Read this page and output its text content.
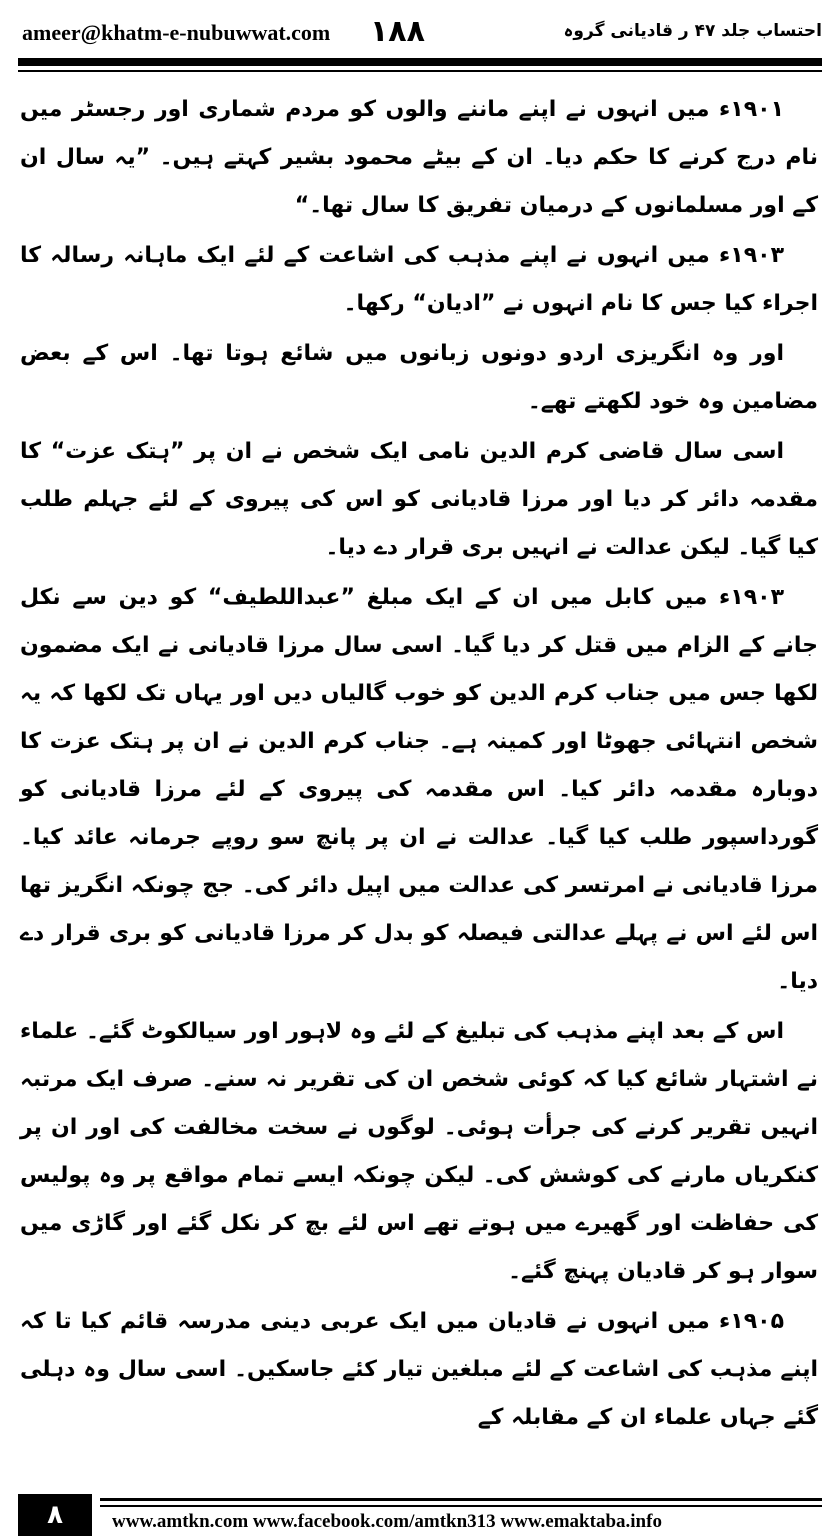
ameer@khatm-e-nubuwwat.com ۱۸۸	احتساب جلد ۴۷ ر قادیانی گروہ

۱۹۰۱ء میں انہوں نے اپنے ماننے والوں کو مردم شماری اور رجسٹر میں نام درج کرنے کا حکم دیا۔ ان کے بیٹے محمود بشیر کہتے ہیں۔ ”یہ سال ان کے اور مسلمانوں کے درمیان تفریق کا سال تھا۔“

۱۹۰۳ء میں انہوں نے اپنے مذہب کی اشاعت کے لئے ایک ماہانہ رسالہ کا اجراء کیا جس کا نام انہوں نے ”ادیان“ رکھا۔

اور وہ انگریزی اردو دونوں زبانوں میں شائع ہوتا تھا۔ اس کے بعض مضامین وہ خود لکھتے تھے۔

اسی سال قاضی کرم الدین نامی ایک شخص نے ان پر ”ہتک عزت“ کا مقدمہ دائر کر دیا اور مرزا قادیانی کو اس کی پیروی کے لئے جہلم طلب کیا گیا۔ لیکن عدالت نے انہیں بری قرار دے دیا۔

۱۹۰۳ء میں کابل میں ان کے ایک مبلغ ”عبداللطیف“ کو دین سے نکل جانے کے الزام میں قتل کر دیا گیا۔ اسی سال مرزا قادیانی نے ایک مضمون لکھا جس میں جناب کرم الدین کو خوب گالیاں دیں اور یہاں تک لکھا کہ یہ شخص انتہائی جھوٹا اور کمینہ ہے۔ جناب کرم الدین نے ان پر ہتک عزت کا دوبارہ مقدمہ دائر کیا۔ اس مقدمہ کی پیروی کے لئے مرزا قادیانی کو گورداسپور طلب کیا گیا۔ عدالت نے ان پر پانچ سو روپے جرمانہ عائد کیا۔ مرزا قادیانی نے امرتسر کی عدالت میں اپیل دائر کی۔ جج چونکہ انگریز تھا اس لئے اس نے پہلے عدالتی فیصلہ کو بدل کر مرزا قادیانی کو بری قرار دے دیا۔

اس کے بعد اپنے مذہب کی تبلیغ کے لئے وہ لاہور اور سیالکوٹ گئے۔ علماء نے اشتہار شائع کیا کہ کوئی شخص ان کی تقریر نہ سنے۔ صرف ایک مرتبہ انہیں تقریر کرنے کی جرأت ہوئی۔ لوگوں نے سخت مخالفت کی اور ان پر کنکریاں مارنے کی کوشش کی۔ لیکن چونکہ ایسے تمام مواقع پر وہ پولیس کی حفاظت اور گھیرے میں ہوتے تھے اس لئے بچ کر نکل گئے اور گاڑی میں سوار ہو کر قادیان پہنچ گئے۔

۱۹۰۵ء میں انہوں نے قادیان میں ایک عربی دینی مدرسہ قائم کیا تا کہ اپنے مذہب کی اشاعت کے لئے مبلغین تیار کئے جاسکیں۔ اسی سال وہ دہلی گئے جہاں علماء ان کے مقابلہ کے

۸	www.amtkn.com www.facebook.com/amtkn313 www.emaktaba.info
